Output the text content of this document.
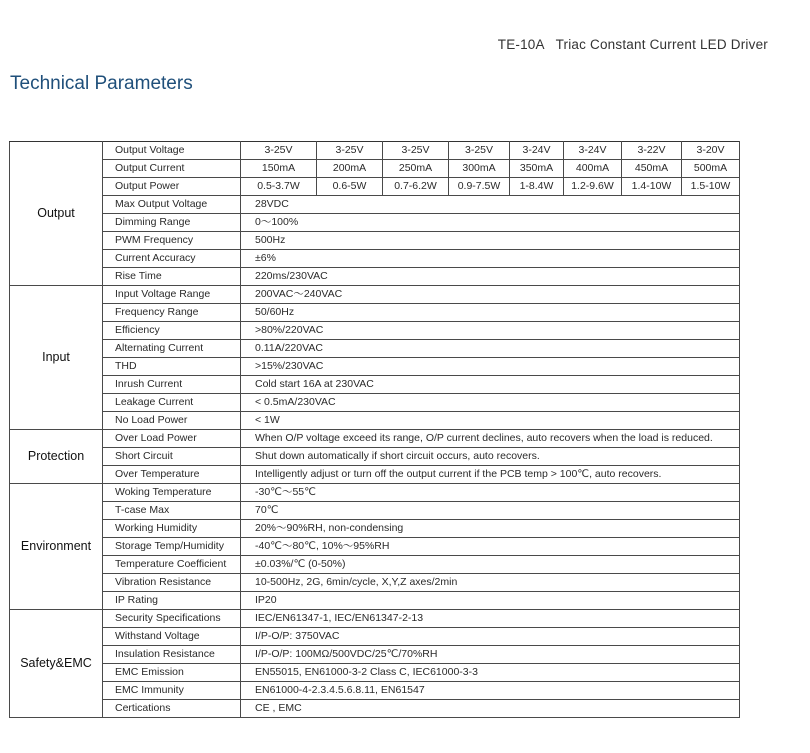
TE-10A   Triac Constant Current LED Driver
Technical Parameters
Output	Output Voltage	3-25V	3-25V	3-25V	3-25V	3-24V	3-24V	3-22V	3-20V
	Output Current	150mA	200mA	250mA	300mA	350mA	400mA	450mA	500mA
	Output Power	0.5-3.7W	0.6-5W	0.7-6.2W	0.9-7.5W	1-8.4W	1.2-9.6W	1.4-10W	1.5-10W
	Max Output Voltage	28VDC							
	Dimming Range	0～100%							
	PWM Frequency	500Hz							
	Current Accuracy	±6%							
	Rise Time	220ms/230VAC							
Input	Input Voltage Range	200VAC～240VAC							
	Frequency Range	50/60Hz							
	Efficiency	>80%/220VAC							
	Alternating Current	0.11A/220VAC							
	THD	>15%/230VAC							
	Inrush Current	Cold start 16A at 230VAC							
	Leakage Current	< 0.5mA/230VAC							
	No Load Power	< 1W							
Protection	Over Load Power	When O/P voltage exceed its range, O/P current declines, auto recovers when the load is reduced.							
	Short Circuit	Shut down automatically if short circuit occurs, auto recovers.							
	Over Temperature	Intelligently adjust or turn off the output current if the PCB temp > 100℃, auto recovers.							
Environment	Woking Temperature	-30℃～55℃							
	T-case Max	70℃							
	Working Humidity	20%～90%RH, non-condensing							
	Storage Temp/Humidity	-40℃～80℃, 10%～95%RH							
	Temperature Coefficient	±0.03%/℃ (0-50%)							
	Vibration Resistance	10-500Hz, 2G, 6min/cycle, X,Y,Z axes/2min							
	IP Rating	IP20							
Safety&EMC	Security Specifications	IEC/EN61347-1, IEC/EN61347-2-13							
	Withstand Voltage	I/P-O/P: 3750VAC							
	Insulation Resistance	I/P-O/P: 100MΩ/500VDC/25℃/70%RH							
	EMC Emission	EN55015, EN61000-3-2 Class C, IEC61000-3-3							
	EMC Immunity	EN61000-4-2.3.4.5.6.8.11, EN61547							
	Certications	CE , EMC							
